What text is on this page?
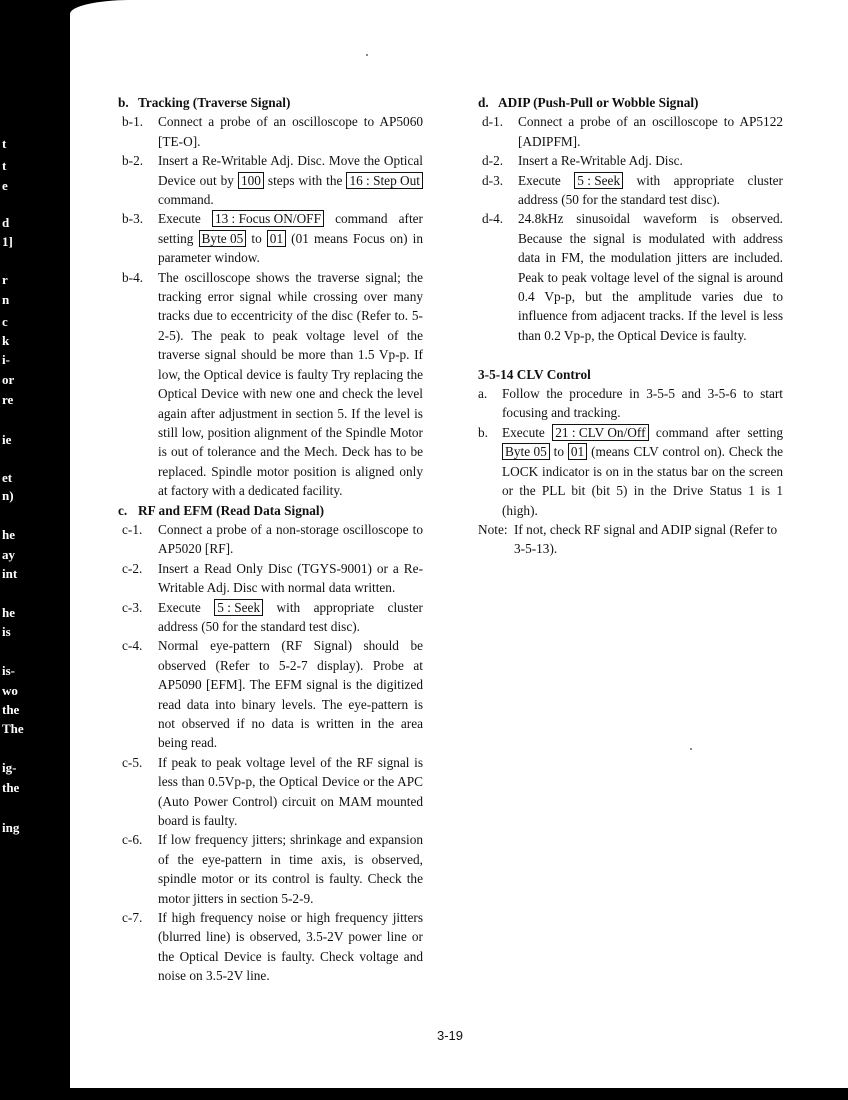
t
t
e
d
1]
r
n
c
k
i-
or
re
ie
et
n)
he
ay
int
he
is
is-
wo
the
The
ig-
the
ing

b. Tracking (Traverse Signal)

b-1.	Connect a probe of an oscilloscope to AP5060 [TE-O].
b-2.	Insert a Re-Writable Adj. Disc. Move the Optical Device out by 100 steps with the 16 : Step Out command.
b-3.	Execute 13 : Focus ON/OFF command after setting Byte 05 to 01 (01 means Focus on) in parameter window.
b-4.	The oscilloscope shows the traverse signal; the tracking error signal while crossing over many tracks due to eccentricity of the disc (Refer to. 5-2-5). The peak to peak voltage level of the traverse signal should be more than 1.5 Vp-p. If low, the Optical device is faulty Try replacing the Optical Device with new one and check the level again after adjustment in section 5. If the level is still low, position alignment of the Spindle Motor is out of tolerance and the Mech. Deck has to be replaced. Spindle motor position is aligned only at factory with a dedicated facility.

c. RF and EFM (Read Data Signal)

c-1.	Connect a probe of a non-storage oscilloscope to AP5020 [RF].
c-2.	Insert a Read Only Disc (TGYS-9001) or a Re-Writable Adj. Disc with normal data written.
c-3.	Execute 5 : Seek with appropriate cluster address (50 for the standard test disc).
c-4.	Normal eye-pattern (RF Signal) should be observed (Refer to 5-2-7 display). Probe at AP5090 [EFM]. The EFM signal is the digitized read data into binary levels. The eye-pattern is not observed if no data is written in the area being read.
c-5.	If peak to peak voltage level of the RF signal is less than 0.5Vp-p, the Optical Device or the APC (Auto Power Control) circuit on MAM mounted board is faulty.
c-6.	If low frequency jitters; shrinkage and expansion of the eye-pattern in time axis, is observed, spindle motor or its control is faulty. Check the motor jitters in section 5-2-9.
c-7.	If high frequency noise or high frequency jitters (blurred line) is observed, 3.5-2V power line or the Optical Device is faulty. Check voltage and noise on 3.5-2V line.

d. ADIP (Push-Pull or Wobble Signal)

d-1.	Connect a probe of an oscilloscope to AP5122 [ADIPFM].
d-2.	Insert a Re-Writable Adj. Disc.
d-3.	Execute 5 : Seek with appropriate cluster address (50 for the standard test disc).
d-4.	24.8kHz sinusoidal waveform is observed. Because the signal is modulated with address data in FM, the modulation jitters are included. Peak to peak voltage level of the signal is around 0.4 Vp-p, but the amplitude varies due to influence from adjacent tracks. If the level is less than 0.2 Vp-p, the Optical Device is faulty.

3-5-14 CLV Control

a.	Follow the procedure in 3-5-5 and 3-5-6 to start focusing and tracking.
b.	Execute 21 : CLV On/Off command after setting Byte 05 to 01 (means CLV control on). Check the LOCK indicator is on in the status bar on the screen or the PLL bit (bit 5) in the Drive Status 1 is 1 (high).
Note: If not, check RF signal and ADIP signal (Refer to 3-5-13).
3-19
